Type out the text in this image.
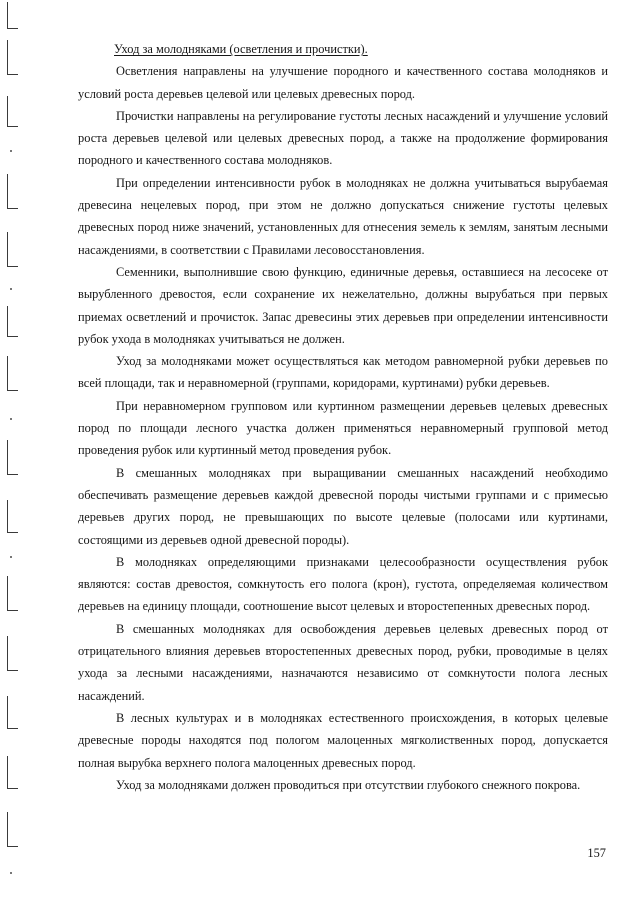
Уход за молодняками (осветления и прочистки).

Осветления направлены на улучшение породного и качественного состава молодняков и условий роста деревьев целевой или целевых древесных пород.

Прочистки направлены на регулирование густоты лесных насаждений и улучшение условий роста деревьев целевой или целевых древесных пород, а также на продолжение формирования породного и качественного состава молодняков.

При определении интенсивности рубок в молодняках не должна учитываться вырубаемая древесина нецелевых пород, при этом не должно допускаться снижение густоты целевых древесных пород ниже значений, установленных для отнесения земель к землям, занятым лесными насаждениями, в соответствии с Правилами лесовосстановления.

Семенники, выполнившие свою функцию, единичные деревья, оставшиеся на лесосеке от вырубленного древостоя, если сохранение их нежелательно, должны вырубаться при первых приемах осветлений и прочисток. Запас древесины этих деревьев при определении интенсивности рубок ухода в молодняках учитываться не должен.

Уход за молодняками может осуществляться как методом равномерной рубки деревьев по всей площади, так и неравномерной (группами, коридорами, куртинами) рубки деревьев.

При неравномерном групповом или куртинном размещении деревьев целевых древесных пород по площади лесного участка должен применяться неравномерный групповой метод проведения рубок или куртинный метод проведения рубок.

В смешанных молодняках при выращивании смешанных насаждений необходимо обеспечивать размещение деревьев каждой древесной породы чистыми группами и с примесью деревьев других пород, не превышающих по высоте целевые (полосами или куртинами, состоящими из деревьев одной древесной породы).

В молодняках определяющими признаками целесообразности осуществления рубок являются: состав древостоя, сомкнутость его полога (крон), густота, определяемая количеством деревьев на единицу площади, соотношение высот целевых и второстепенных древесных пород.

В смешанных молодняках для освобождения деревьев целевых древесных пород от отрицательного влияния деревьев второстепенных древесных пород, рубки, проводимые в целях ухода за лесными насаждениями, назначаются независимо от сомкнутости полога лесных насаждений.

В лесных культурах и в молодняках естественного происхождения, в которых целевые древесные породы находятся под пологом малоценных мягколиственных пород, допускается полная вырубка верхнего полога малоценных древесных пород.

Уход за молодняками должен проводиться при отсутствии глубокого снежного покрова.

157
